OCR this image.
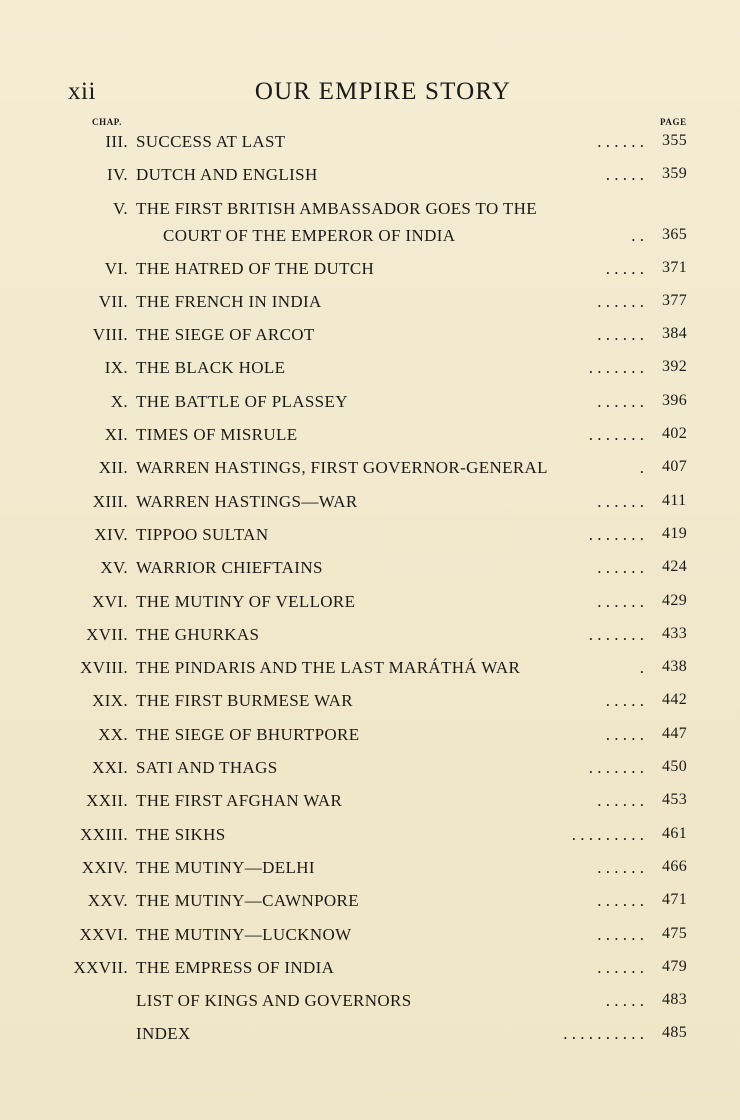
xii	OUR EMPIRE STORY
CHAP.	PAGE
III. SUCCESS AT LAST	. . . . . . 355
IV. DUTCH AND ENGLISH	. . . . . 359
V. THE FIRST BRITISH AMBASSADOR GOES TO THE
COURT OF THE EMPEROR OF INDIA	. . 365
VI. THE HATRED OF THE DUTCH	. . . . . 371
VII. THE FRENCH IN INDIA	. . . . . . 377
VIII. THE SIEGE OF ARCOT	. . . . . . 384
IX. THE BLACK HOLE	. . . . . . . 392
X. THE BATTLE OF PLASSEY	. . . . . . 396
XI. TIMES OF MISRULE	. . . . . . . 402
XII. WARREN HASTINGS, FIRST GOVERNOR-GENERAL	. 407
XIII. WARREN HASTINGS—WAR	. . . . . . 411
XIV. TIPPOO SULTAN	. . . . . . . 419
XV. WARRIOR CHIEFTAINS	. . . . . . 424
XVI. THE MUTINY OF VELLORE	. . . . . . 429
XVII. THE GHURKAS	. . . . . . . 433
XVIII. THE PINDARIS AND THE LAST MARÁTHÁ WAR	. 438
XIX. THE FIRST BURMESE WAR	. . . . . 442
XX. THE SIEGE OF BHURTPORE	. . . . . 447
XXI. SATI AND THAGS	. . . . . . . 450
XXII. THE FIRST AFGHAN WAR	. . . . . . 453
XXIII. THE SIKHS	. . . . . . . . . 461
XXIV. THE MUTINY—DELHI	. . . . . . 466
XXV. THE MUTINY—CAWNPORE	. . . . . . 471
XXVI. THE MUTINY—LUCKNOW	. . . . . . 475
XXVII. THE EMPRESS OF INDIA	. . . . . . 479
LIST OF KINGS AND GOVERNORS	. . . . . 483
INDEX	. . . . . . . . . . 485
